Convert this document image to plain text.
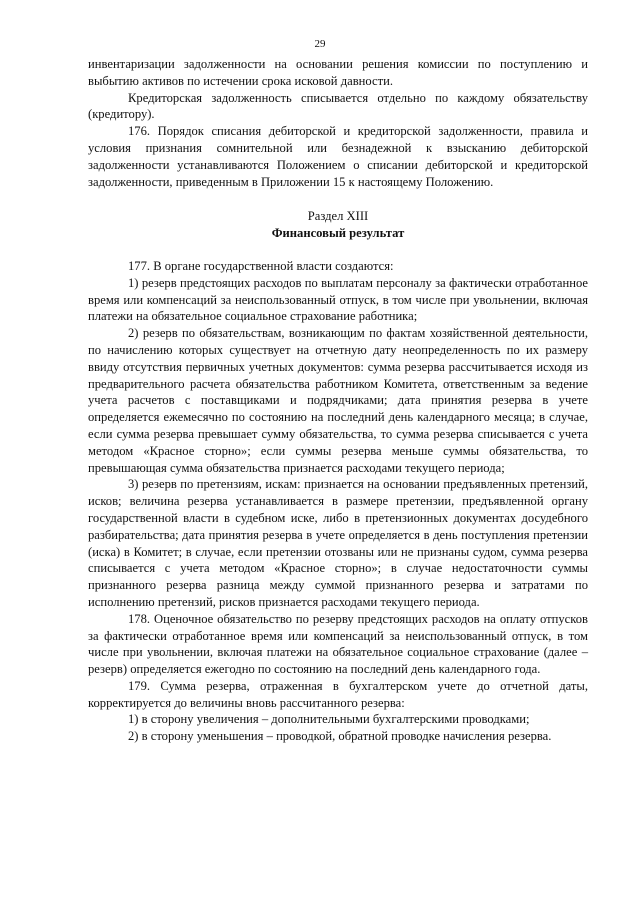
29

инвентаризации задолженности на основании решения комиссии по поступлению и выбытию активов по истечении срока исковой давности.

Кредиторская задолженность списывается отдельно по каждому обязательству (кредитору).

176. Порядок списания дебиторской и кредиторской задолженности, правила и условия признания сомнительной или безнадежной к взысканию дебиторской задолженности устанавливаются Положением о списании дебиторской и кредиторской задолженности, приведенным в Приложении 15 к настоящему Положению.

Раздел XIII
Финансовый результат

177. В органе государственной власти создаются:

1) резерв предстоящих расходов по выплатам персоналу за фактически отработанное время или компенсаций за неиспользованный отпуск, в том числе при увольнении, включая платежи на обязательное социальное страхование работника;

2) резерв по обязательствам, возникающим по фактам хозяйственной деятельности, по начислению которых существует на отчетную дату неопределенность по их размеру ввиду отсутствия первичных учетных документов: сумма резерва рассчитывается исходя из предварительного расчета обязательства работником Комитета, ответственным за ведение учета расчетов с поставщиками и подрядчиками; дата принятия резерва в учете определяется ежемесячно по состоянию на последний день календарного месяца; в случае, если сумма резерва превышает сумму обязательства, то сумма резерва списывается с учета методом «Красное сторно»; если суммы резерва меньше суммы обязательства, то превышающая сумма обязательства признается расходами текущего периода;

3) резерв по претензиям, искам: признается на основании предъявленных претензий, исков; величина резерва устанавливается в размере претензии, предъявленной органу государственной власти в судебном иске, либо в претензионных документах досудебного разбирательства; дата принятия резерва в учете определяется в день поступления претензии (иска) в Комитет; в случае, если претензии отозваны или не признаны судом, сумма резерва списывается с учета методом «Красное сторно»; в случае недостаточности суммы признанного резерва разница между суммой признанного резерва и затратами по исполнению претензий, рисков признается расходами текущего периода.

178. Оценочное обязательство по резерву предстоящих расходов на оплату отпусков за фактически отработанное время или компенсаций за неиспользованный отпуск, в том числе при увольнении, включая платежи на обязательное социальное страхование (далее – резерв) определяется ежегодно по состоянию на последний день календарного года.

179. Сумма резерва, отраженная в бухгалтерском учете до отчетной даты, корректируется до величины вновь рассчитанного резерва:

1) в сторону увеличения – дополнительными бухгалтерскими проводками;

2) в сторону уменьшения – проводкой, обратной проводке начисления резерва.
